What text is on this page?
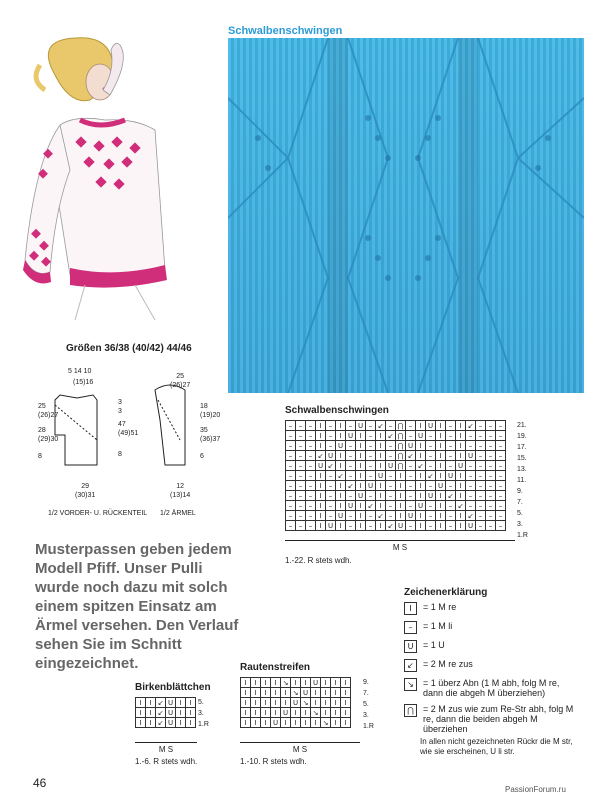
Schwalbenschwingen
Größen 36/38 (40/42) 44/46
5 14 10
(15)16
25
(26)27
28
(29)30
8
3
3
47
(49)51
8
29
(30)31
1/2 VORDER- U. RÜCKENTEIL
25
(26)27
18
(19)20
35
(36)37
6
12
(13)14
1/2 ÄRMEL
Schwalbenschwingen
–	–	–	I	–	I	–	U	–	↙	–	⋂	–	I	U	I	–	I	↙	–	–	–
–	–	–	I	–	I	U	I	–	I	↙	⋂	–	U	–	I	–	I	–	–	–	–
–	–	–	I	–	U	–	I	–	I	–	⋂	U	I	–	I	–	I	–	–	–	–
–	–	–	↙	U	I	–	I	–	I	–	⋂	↙	I	–	I	–	I	U	–	–	–
–	–	–	U	↙	I	–	I	–	I	U	⋂	–	↙	–	I	–	U	–	–	–	–
–	–	–	I	–	↙	–	I	–	U	–	I	–	I	↙	I	U	I	–	–	–	–
–	–	–	I	–	I	↙	I	U	I	–	I	–	I	–	U	–	I	–	–	–	–
–	–	–	I	–	I	–	U	–	I	–	I	–	I	U	I	↙	I	–	–	–	–
–	–	–	I	–	I	U	I	↙	I	–	I	–	U	–	I	–	↙	–	–	–	–
–	–	–	I	–	U	–	I	–	↙	–	I	U	I	–	I	–	I	↙	–	–	–
–	–	–	I	U	I	–	I	–	I	↙	U	–	I	–	I	–	I	U	–	–	–
21.
19.
17.
15.
13.
11.
9.
7.
5.
3.
1.R
M S
1.-22. R stets wdh.
Musterpassen geben jedem Modell Pfiff. Unser Pulli wurde noch dazu mit solch einem spitzen Einsatz am Ärmel versehen. Den Verlauf sehen Sie im Schnitt eingezeichnet.	Rautenstreifen
I	I	I	I	↘	I	I	U	I	I	I
I	I	I	I	I	↘	U	I	I	I	I
I	I	I	I	I	U	↘	I	I	I	I
I	I	I	I	U	I	I	↘	I	I	I
I	I	I	U	I	I	I	I	↘	I	I
9.
7.
5.
3.
1.R
M S
1.-10. R stets wdh.
Birkenblättchen
I	I	↙	U	I	I
I	I	↙	U	I	I
I	I	↙	U	I	I
5.
3.
1.R
M S
1.-6. R stets wdh.
Zeichenerklärung
I	= 1 M re
–	= 1 M li
U	= 1 U
↙	= 2 M re zus
↘	= 1 überz Abn (1 M abh, folg M re, dann die abgeh M überziehen)
⋂	= 2 M zus wie zum Re-Str abh, folg M re, dann die beiden abgeh M überziehen
In allen nicht gezeichneten Rückr die M str, wie sie erscheinen, U li str.
46	PassionForum.ru
